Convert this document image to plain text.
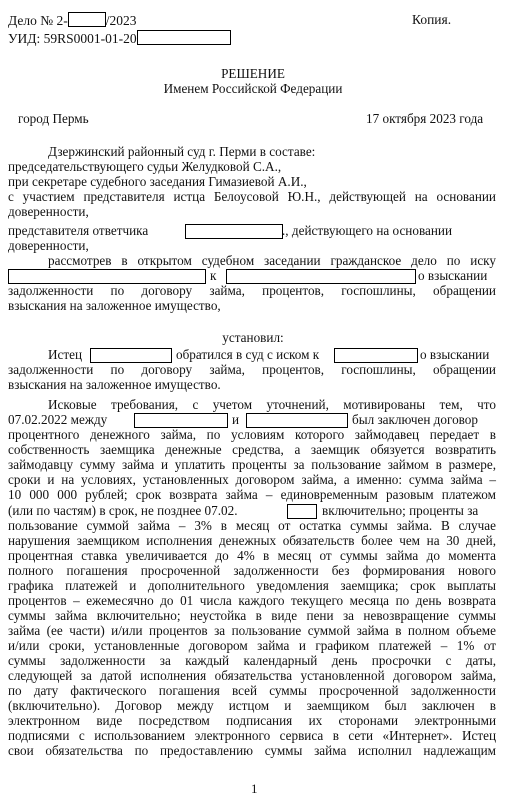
Дело № 2-	/2023	Копия.
УИД: 59RS0001-01-20
РЕШЕНИЕ
Именем Российской Федерации
город Пермь	17 октября 2023 года
Дзержинский районный суд г. Перми в составе:
председательствующего судьи Желудковой С.А.,
при секретаре судебного заседания Гимазиевой А.И.,
с участием представителя истца Белоусовой Ю.Н., действующей на основании
доверенности,
представителя ответчика	., действующего на основании
доверенности,
рассмотрев в открытом судебном заседании гражданское дело по иску
к	о взыскании
задолженности по договору займа, процентов, госпошлины, обращении
взыскания на заложенное имущество,
установил:
Истец	обратился в суд с иском к	о взыскании
задолженности по договору займа, процентов, госпошлины, обращении
взыскания на заложенное имущество.
Исковые требования, с учетом уточнений, мотивированы тем, что
07.02.2022 между	и	был заключен договор
процентного денежного займа, по условиям которого займодавец передает в
собственность заемщика денежные средства, а заемщик обязуется возвратить
займодавцу сумму займа и уплатить проценты за пользование займом в размере,
сроки и на условиях, установленных договором займа, а именно: сумма займа –
10 000 000 рублей; срок возврата займа – единовременным разовым платежом
(или по частям) в срок, не позднее 07.02.	включительно; проценты за
пользование суммой займа – 3% в месяц от остатка суммы займа. В случае
нарушения заемщиком исполнения денежных обязательств более чем на 30 дней,
процентная ставка увеличивается до 4% в месяц от суммы займа до момента
полного погашения просроченной задолженности без формирования нового
графика платежей и дополнительного уведомления заемщика; срок выплаты
процентов – ежемесячно до 01 числа каждого текущего месяца по день возврата
суммы займа включительно; неустойка в виде пени за невозвращение суммы
займа (ее части) и/или процентов за пользование суммой займа в полном объеме
и/или сроки, установленные договором займа и графиком платежей – 1% от
суммы задолженности за каждый календарный день просрочки с даты,
следующей за датой исполнения обязательства установленной договором займа,
по дату фактического погашения всей суммы просроченной задолженности
(включительно). Договор между истцом и заемщиком был заключен в
электронном виде посредством подписания их сторонами электронными
подписями с использованием электронного сервиса в сети «Интернет». Истец
свои обязательства по предоставлению суммы займа исполнил надлежащим
1
